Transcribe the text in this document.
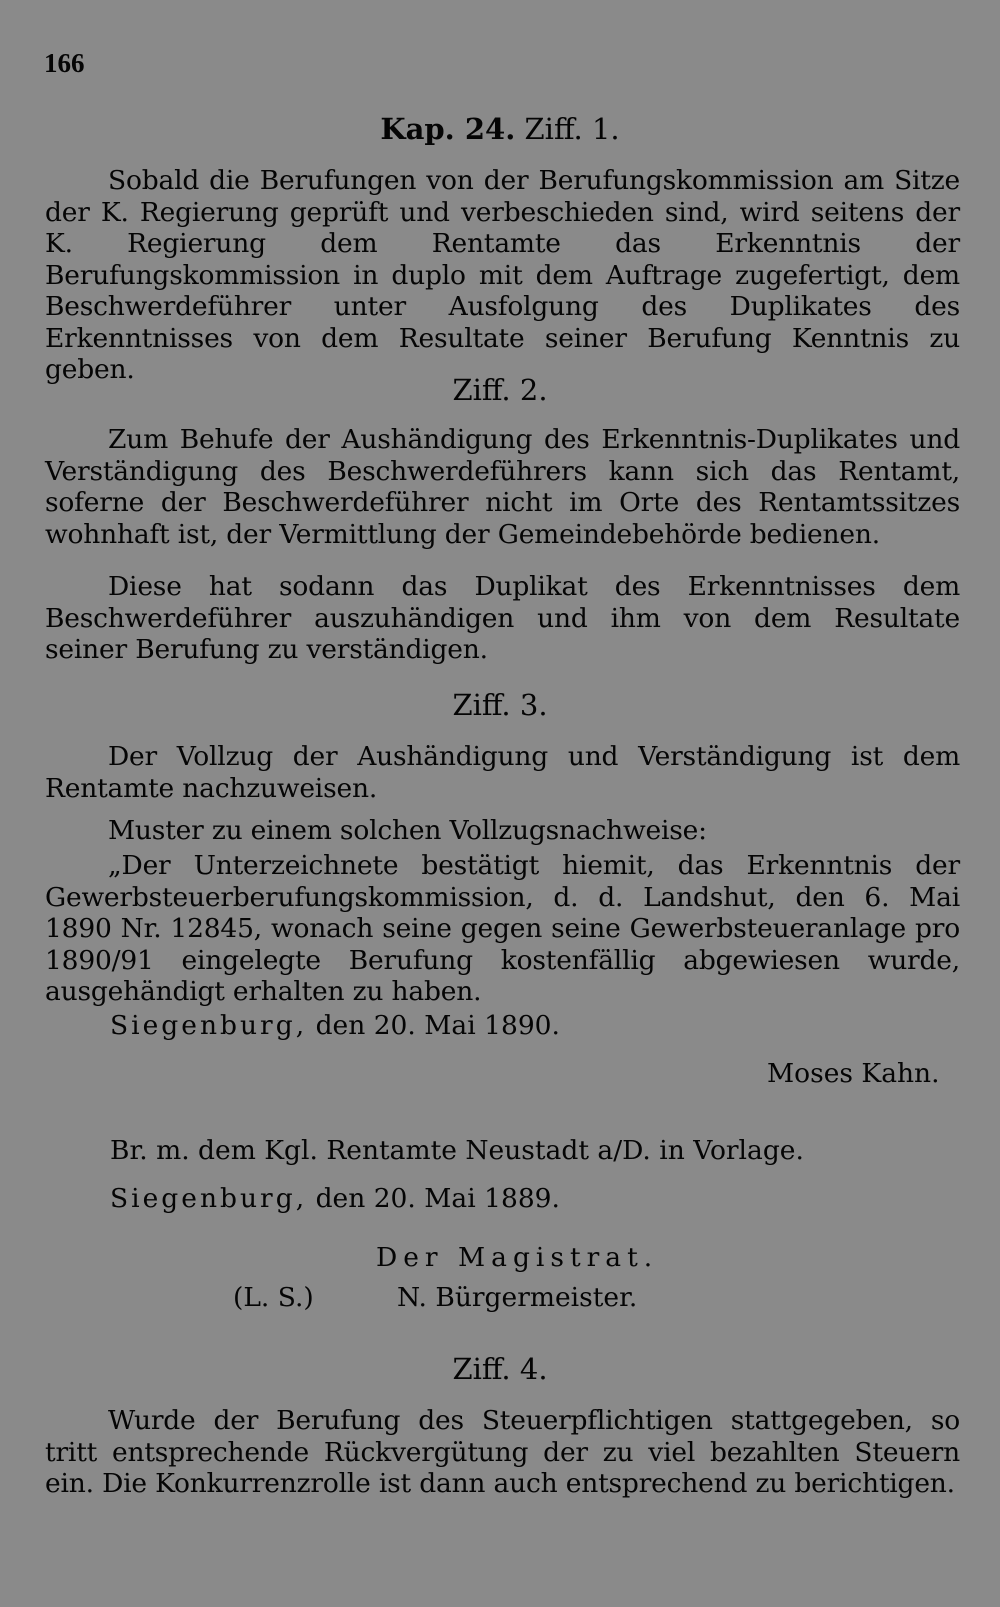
166
Kap. 24. Ziff. 1.
Sobald die Berufungen von der Berufungskommission am Sitze der K. Regierung geprüft und verbeschieden sind, wird seitens der K. Regierung dem Rentamte das Erkenntnis der Berufungskommission in duplo mit dem Auftrage zugefertigt, dem Beschwerdeführer unter Ausfolgung des Duplikates des Erkenntnisses von dem Resultate seiner Berufung Kenntnis zu geben.
Ziff. 2.
Zum Behufe der Aushändigung des Erkenntnis-Duplikates und Verständigung des Beschwerdeführers kann sich das Rentamt, soferne der Beschwerdeführer nicht im Orte des Rentamtssitzes wohnhaft ist, der Vermittlung der Gemeindebehörde bedienen.
Diese hat sodann das Duplikat des Erkenntnisses dem Beschwerdeführer auszuhändigen und ihm von dem Resultate seiner Berufung zu verständigen.
Ziff. 3.
Der Vollzug der Aushändigung und Verständigung ist dem Rentamte nachzuweisen.
Muster zu einem solchen Vollzugsnachweise:
„Der Unterzeichnete bestätigt hiemit, das Erkenntnis der Gewerbsteuerberufungskommission, d. d. Landshut, den 6. Mai 1890 Nr. 12845, wonach seine gegen seine Gewerbsteueranlage pro 1890/91 eingelegte Berufung kostenfällig abgewiesen wurde, ausgehändigt erhalten zu haben.
Siegenburg, den 20. Mai 1890.
Moses Kahn.
Br. m. dem Kgl. Rentamte Neustadt a/D. in Vorlage.
Siegenburg, den 20. Mai 1889.
Der Magistrat.
(L. S.)	N. Bürgermeister.
Ziff. 4.
Wurde der Berufung des Steuerpflichtigen stattgegeben, so tritt entsprechende Rückvergütung der zu viel bezahlten Steuern ein. Die Konkurrenzrolle ist dann auch entsprechend zu berichtigen.
